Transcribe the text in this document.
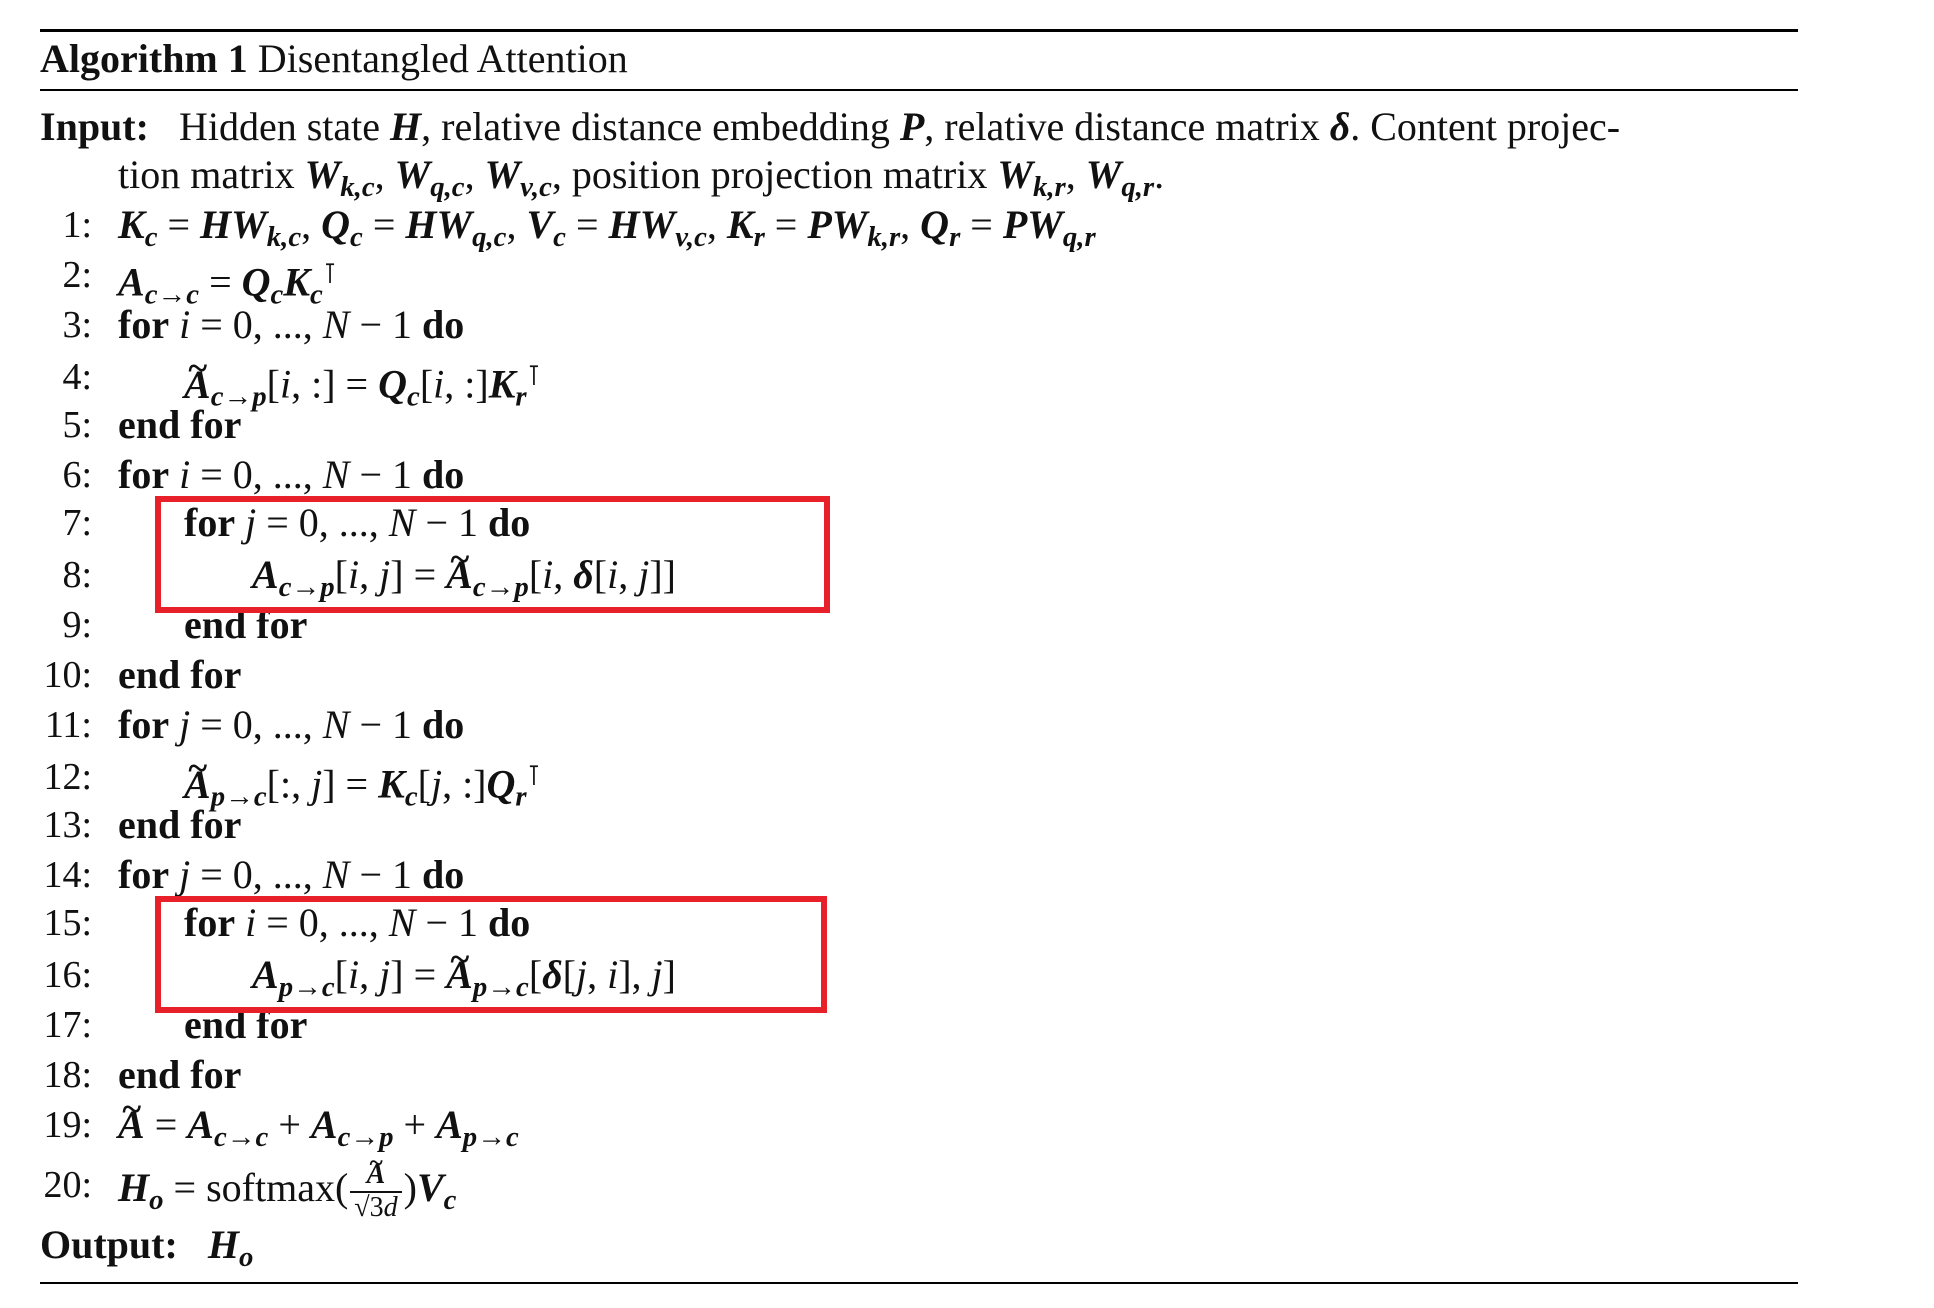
Algorithm 1 Disentangled Attention
Input:   Hidden state H, relative distance embedding P, relative distance matrix δ. Content projec-
tion matrix $W_{k,c}$, $W_{q,c}$, $W_{v,c}$, position projection matrix $W_{k,r}$, $W_{q,r}$.
1: $K_c = HW_{k,c}$, $Q_c = HW_{q,c}$, $V_c = HW_{v,c}$, $K_r = PW_{k,r}$, $Q_r = PW_{q,r}$
2: $A_{c\to c} = Q_cK_c^⊺$
3: for i = 0, ..., N − 1 do
4: ~ $A_{c\to p}[i$, :] = $Q_c[i$, $:]K_r^⊺$
5: end for
6: for i = 0, ..., N − 1 do
7: for j = 0, ..., N − 1 do
8:	$A_{c\to p}[i$, j] = ~ $A_{c\to p}[i$, δ[i, j]]
9: end for
10: end for
11: for j = 0, ..., N − 1 do
12: ~ $A_{p\to c}$[:, $j] = K_c[j$, $:]Q_r^⊺$
13: end for
14: for j = 0, ..., N − 1 do
15: for i = 0, ..., N − 1 do
16:	$A_{p\to c}[i$, j] = ~ $A_{p\to c}[\delta[j$, i], j]
17: end for
18: end for
19: ~ $A = A_{c\to c} + A_{c\to p} + A_{p\to c}$
20: $H_o$ = softmax( ~ $\frac{A}{√3d} )V_c$
Output: $H_o$
